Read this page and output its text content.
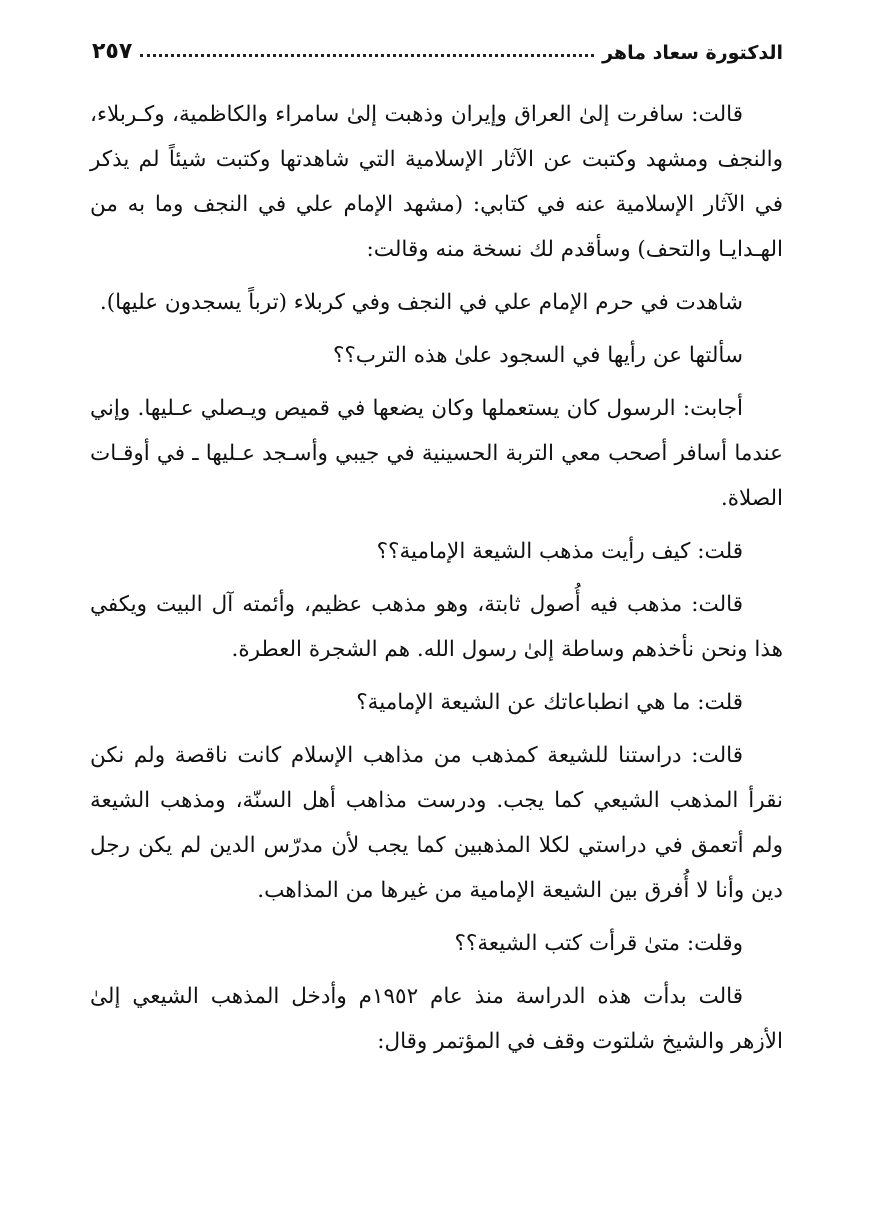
الدكتورة سعاد ماهر
٢٥٧

قالت: سافرت إلىٰ العراق وإيران وذهبت إلىٰ سامراء والكاظمية، وكـربلاء، والنجف ومشهد وكتبت عن الآثار الإسلامية التي شاهدتها وكتبت شيئاً لم يذكر في الآثار الإسلامية عنه في كتابي: (مشهد الإمام علي في النجف وما به من الهـدايـا والتحف) وسأقدم لك نسخة منه وقالت:

شاهدت في حرم الإمام علي في النجف وفي كربلاء (ترباً يسجدون عليها).

سألتها عن رأيها في السجود علىٰ هذه الترب؟؟

أجابت: الرسول كان يستعملها وكان يضعها في قميص ويـصلي عـليها. وإني عندما أسافر أصحب معي التربة الحسينية في جيبي وأسـجد عـليها ـ في أوقـات الصلاة.

قلت: كيف رأيت مذهب الشيعة الإمامية؟؟

قالت: مذهب فيه أُصول ثابتة، وهو مذهب عظيم، وأئمته آل البيت ويكفي هذا ونحن نأخذهم وساطة إلىٰ رسول الله. هم الشجرة العطرة.

قلت: ما هي انطباعاتك عن الشيعة الإمامية؟

قالت: دراستنا للشيعة كمذهب من مذاهب الإسلام كانت ناقصة ولم نكن نقرأ المذهب الشيعي كما يجب. ودرست مذاهب أهل السنّة، ومذهب الشيعة ولم أتعمق في دراستي لكلا المذهبين كما يجب لأن مدرّس الدين لم يكن رجل دين وأنا لا أُفرق بين الشيعة الإمامية من غيرها من المذاهب.

وقلت: متىٰ قرأت كتب الشيعة؟؟

قالت بدأت هذه الدراسة منذ عام ١٩٥٢م وأدخل المذهب الشيعي إلىٰ الأزهر والشيخ شلتوت وقف في المؤتمر وقال:
